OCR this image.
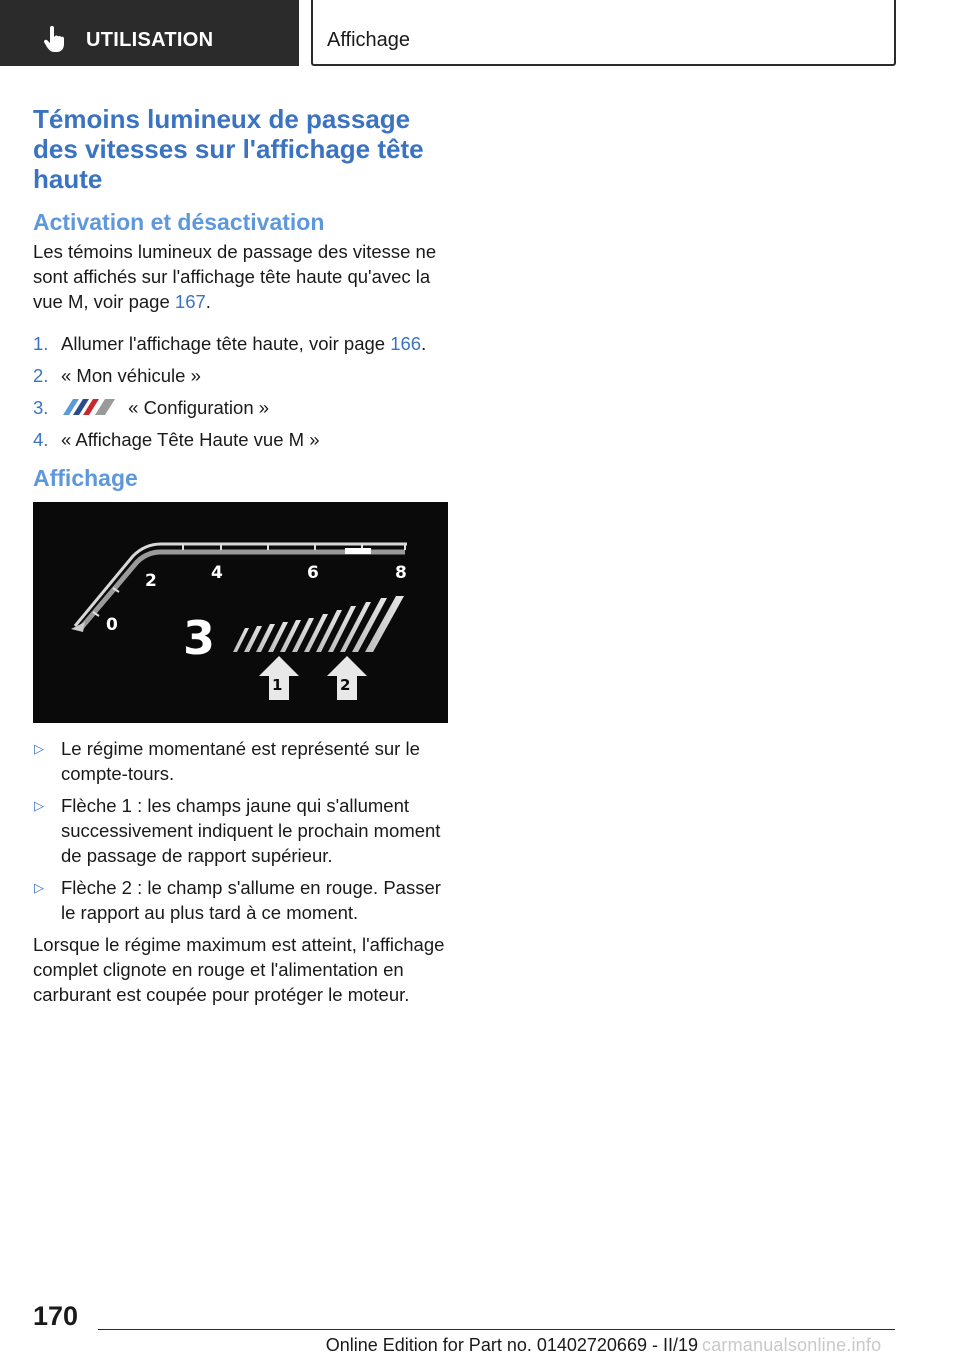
UTILISATION	Affichage
Témoins lumineux de passage des vitesses sur l'affichage tête haute
Activation et désactivation

Les témoins lumineux de passage des vitesse ne sont affichés sur l'affichage tête haute qu'avec la vue M, voir page 167.

1. Allumer l'affichage tête haute, voir page 166.
2. « Mon véhicule »
3.	« Configuration »
4. « Affichage Tête Haute vue M »
Affichage
0
2	4	6	8
3
1	2
▷ Le régime momentané est représenté sur le compte-tours.
▷ Flèche 1 : les champs jaune qui s'allument successivement indiquent le prochain moment de passage de rapport supérieur.
▷ Flèche 2 : le champ s'allume en rouge. Passer le rapport au plus tard à ce moment.

Lorsque le régime maximum est atteint, l'affichage complet clignote en rouge et l'alimentation en carburant est coupée pour protéger le moteur.

170
Online Edition for Part no. 01402720669 - II/19 carmanualsonline.info
